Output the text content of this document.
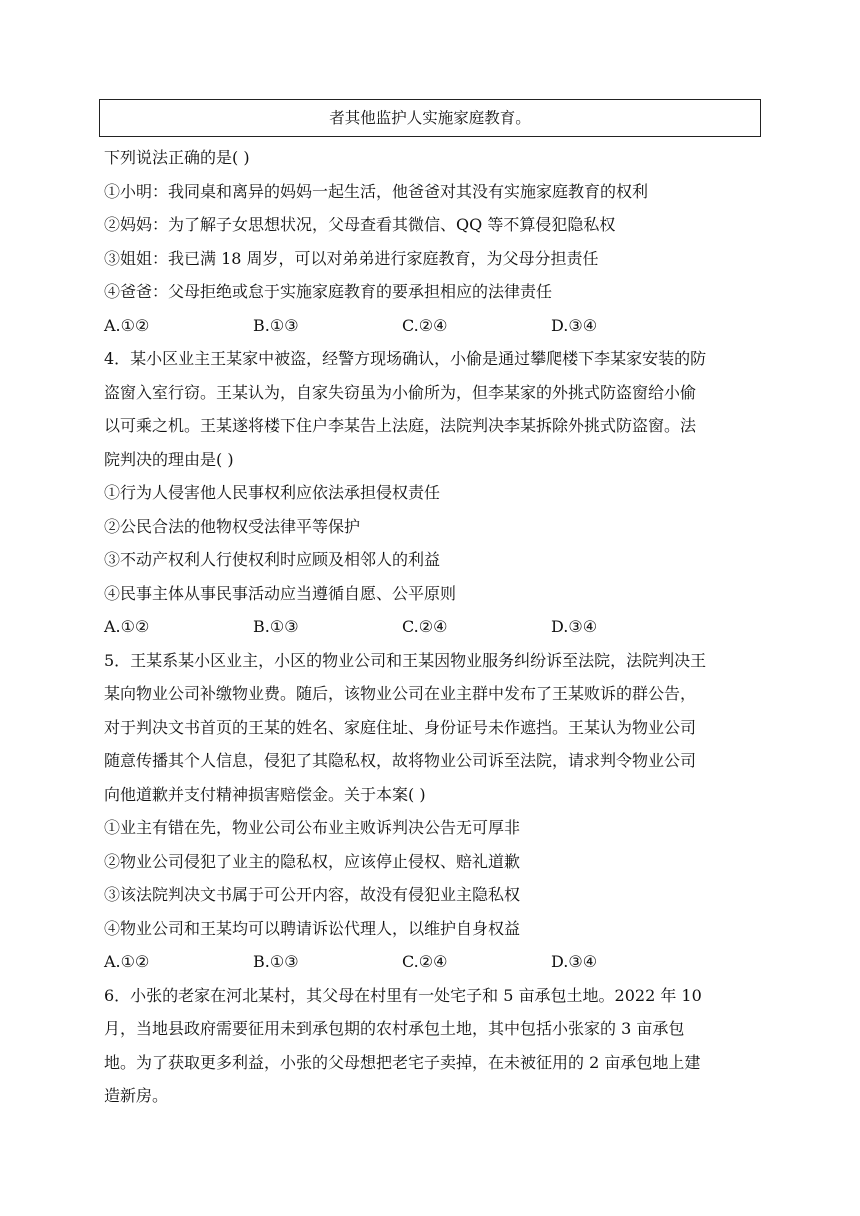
者其他监护人实施家庭教育。
下列说法正确的是( )
①小明：我同桌和离异的妈妈一起生活，他爸爸对其没有实施家庭教育的权利
②妈妈：为了解子女思想状况，父母查看其微信、QQ 等不算侵犯隐私权
③姐姐：我已满 18 周岁，可以对弟弟进行家庭教育，为父母分担责任
④爸爸：父母拒绝或怠于实施家庭教育的要承担相应的法律责任
A.①②	B.①③	C.②④	D.③④
4．某小区业主王某家中被盗，经警方现场确认，小偷是通过攀爬楼下李某家安装的防
盗窗入室行窃。王某认为，自家失窃虽为小偷所为，但李某家的外挑式防盗窗给小偷
以可乘之机。王某遂将楼下住户李某告上法庭，法院判决李某拆除外挑式防盗窗。法
院判决的理由是( )
①行为人侵害他人民事权利应依法承担侵权责任
②公民合法的他物权受法律平等保护
③不动产权利人行使权利时应顾及相邻人的利益
④民事主体从事民事活动应当遵循自愿、公平原则
A.①②	B.①③	C.②④	D.③④
5．王某系某小区业主，小区的物业公司和王某因物业服务纠纷诉至法院，法院判决王
某向物业公司补缴物业费。随后，该物业公司在业主群中发布了王某败诉的群公告，
对于判决文书首页的王某的姓名、家庭住址、身份证号未作遮挡。王某认为物业公司
随意传播其个人信息，侵犯了其隐私权，故将物业公司诉至法院，请求判令物业公司
向他道歉并支付精神损害赔偿金。关于本案( )
①业主有错在先，物业公司公布业主败诉判决公告无可厚非
②物业公司侵犯了业主的隐私权，应该停止侵权、赔礼道歉
③该法院判决文书属于可公开内容，故没有侵犯业主隐私权
④物业公司和王某均可以聘请诉讼代理人，以维护自身权益
A.①②	B.①③	C.②④	D.③④
6．小张的老家在河北某村，其父母在村里有一处宅子和 5 亩承包土地。2022 年 10
月，当地县政府需要征用未到承包期的农村承包土地，其中包括小张家的 3 亩承包
地。为了获取更多利益，小张的父母想把老宅子卖掉，在未被征用的 2 亩承包地上建
造新房。
